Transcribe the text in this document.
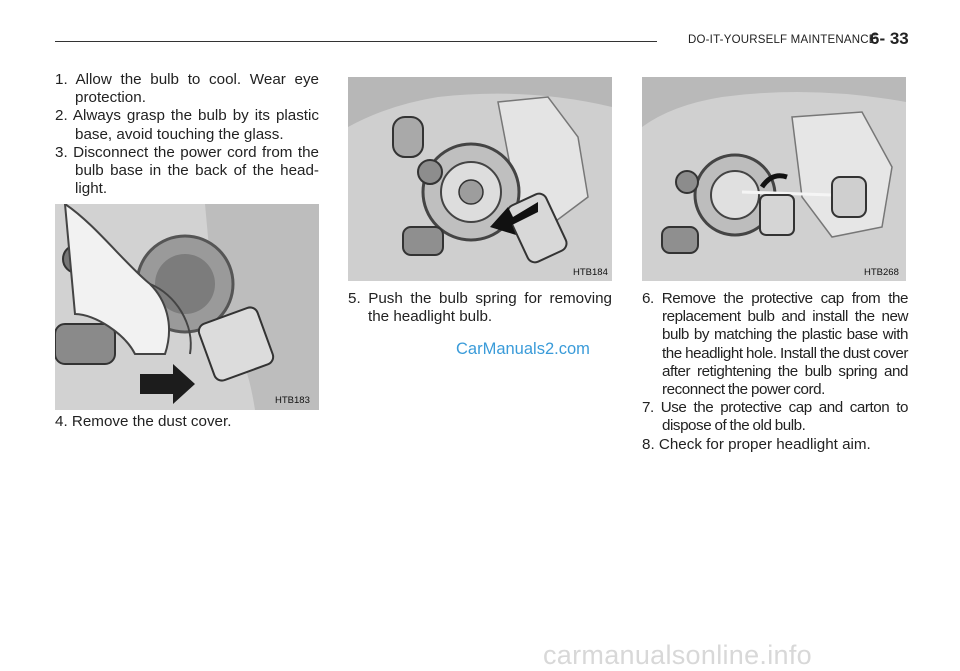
DO-IT-YOURSELF MAINTENANCE
6- 33
1. Allow the bulb to cool. Wear eye protection.
2. Always grasp the bulb by its plastic base, avoid touching the glass.
3. Disconnect the power cord from the bulb base in the back of the head- light.
HTB183
4. Remove the dust cover.
HTB184
5. Push the bulb spring for removing the headlight bulb.
CarManuals2.com
HTB268
6. Remove the protective cap from the replacement bulb and install the new bulb by matching the plastic base with the headlight hole. Install the dust cover after retightening the bulb spring and reconnect the power cord.
7. Use the protective cap and carton to dispose of the old bulb.
8. Check for proper headlight aim.
carmanualsonline.info
